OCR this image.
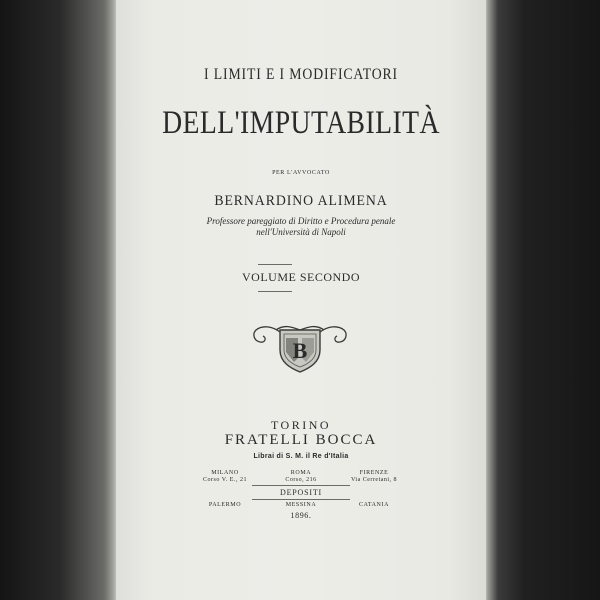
I LIMITI E I MODIFICATORI

DELL'IMPUTABILITÀ

PER L'AVVOCATO

BERNARDINO ALIMENA

Professore pareggiato di Diritto e Procedura penale

nell'Università di Napoli

VOLUME SECONDO

B

TORINO

FRATELLI BOCCA

Librai di S. M. il Re d'Italia

MILANO
Corso V. E., 21
ROMA
Corso, 216
FIRENZE
Via Cerretani, 8

DEPOSITI

PALERMO	MESSINA	CATANIA

1896.
